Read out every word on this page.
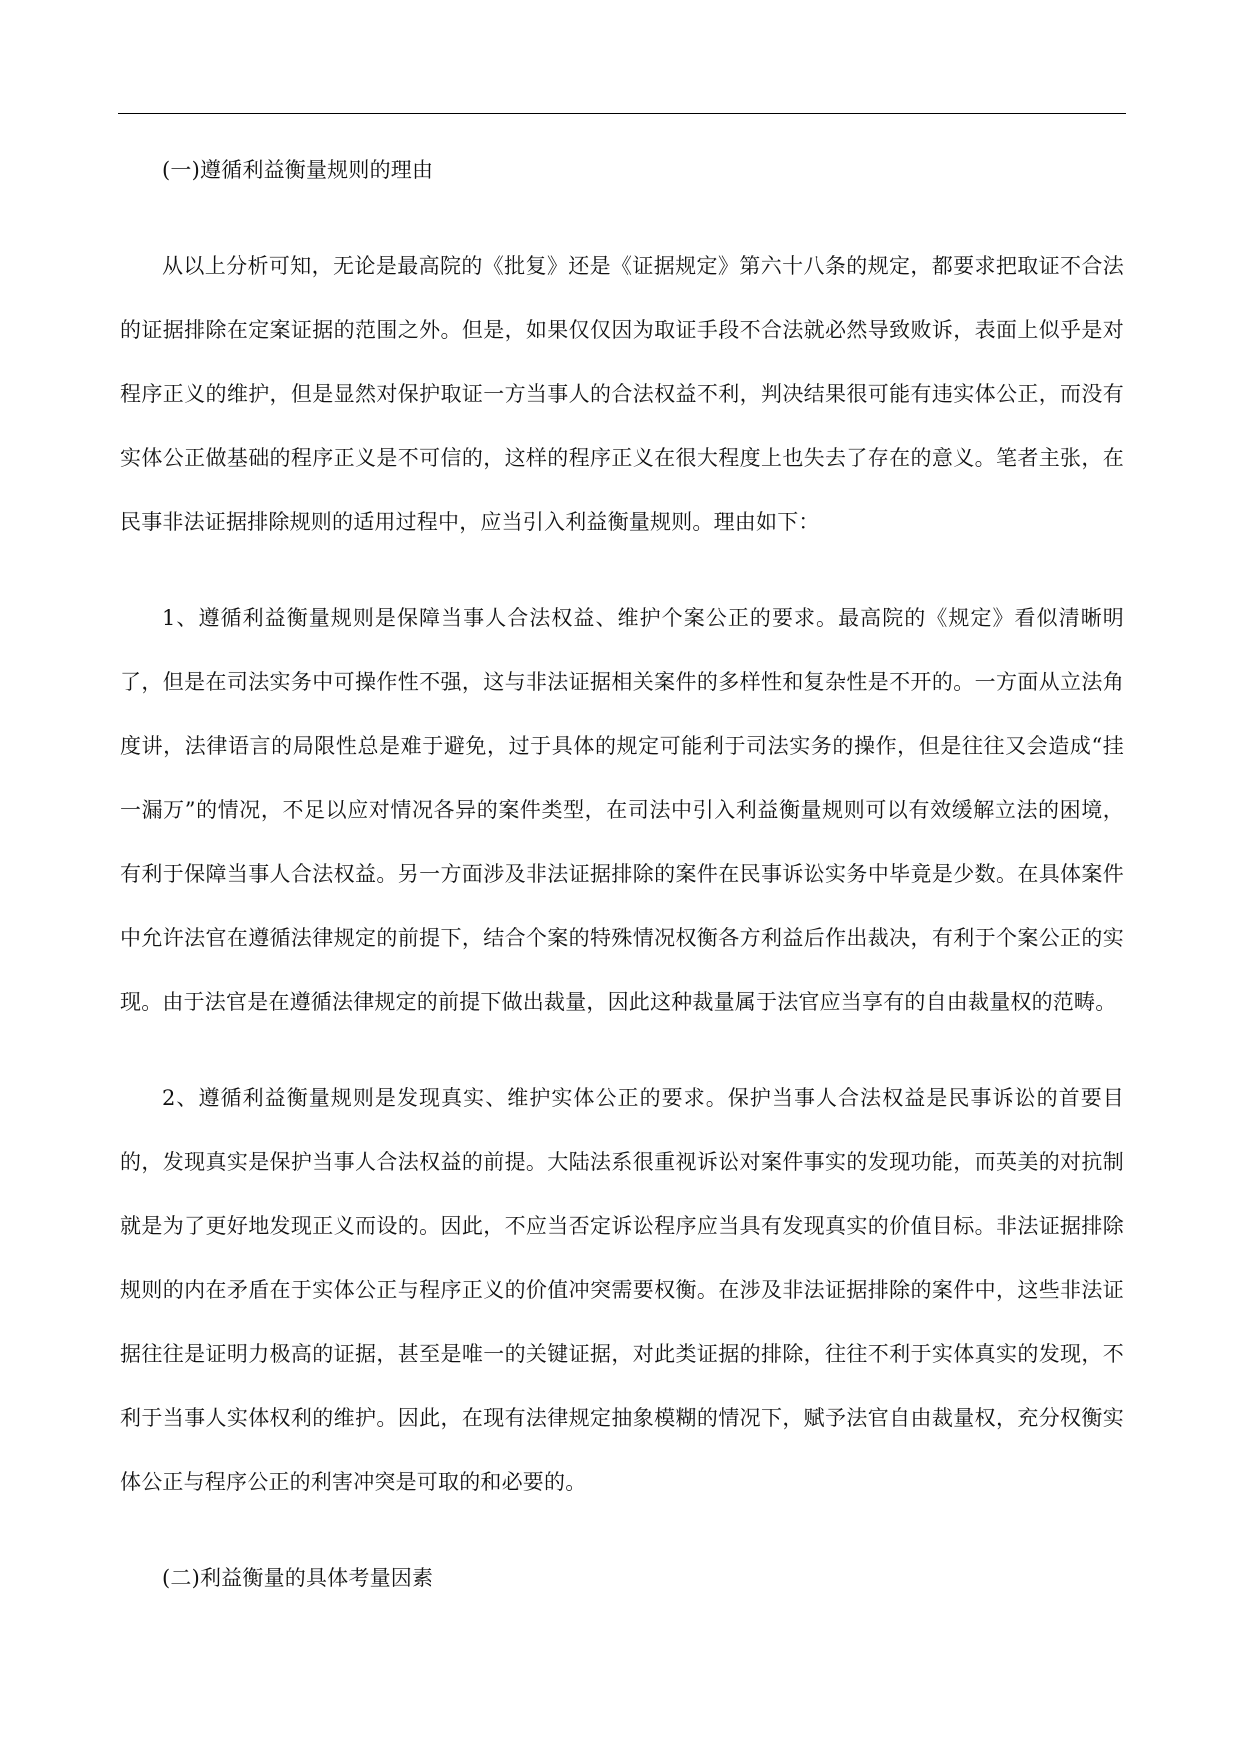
(一)遵循利益衡量规则的理由

从以上分析可知，无论是最高院的《批复》还是《证据规定》第六十八条的规定，都要求把取证不合法的证据排除在定案证据的范围之外。但是，如果仅仅因为取证手段不合法就必然导致败诉，表面上似乎是对程序正义的维护，但是显然对保护取证一方当事人的合法权益不利，判决结果很可能有违实体公正，而没有实体公正做基础的程序正义是不可信的，这样的程序正义在很大程度上也失去了存在的意义。笔者主张，在民事非法证据排除规则的适用过程中，应当引入利益衡量规则。理由如下：

1、遵循利益衡量规则是保障当事人合法权益、维护个案公正的要求。最高院的《规定》看似清晰明了，但是在司法实务中可操作性不强，这与非法证据相关案件的多样性和复杂性是不开的。一方面从立法角度讲，法律语言的局限性总是难于避免，过于具体的规定可能利于司法实务的操作，但是往往又会造成“挂一漏万”的情况，不足以应对情况各异的案件类型，在司法中引入利益衡量规则可以有效缓解立法的困境，有利于保障当事人合法权益。另一方面涉及非法证据排除的案件在民事诉讼实务中毕竟是少数。在具体案件中允许法官在遵循法律规定的前提下，结合个案的特殊情况权衡各方利益后作出裁决，有利于个案公正的实现。由于法官是在遵循法律规定的前提下做出裁量，因此这种裁量属于法官应当享有的自由裁量权的范畴。

2、遵循利益衡量规则是发现真实、维护实体公正的要求。保护当事人合法权益是民事诉讼的首要目的，发现真实是保护当事人合法权益的前提。大陆法系很重视诉讼对案件事实的发现功能，而英美的对抗制就是为了更好地发现正义而设的。因此，不应当否定诉讼程序应当具有发现真实的价值目标。非法证据排除规则的内在矛盾在于实体公正与程序正义的价值冲突需要权衡。在涉及非法证据排除的案件中，这些非法证据往往是证明力极高的证据，甚至是唯一的关键证据，对此类证据的排除，往往不利于实体真实的发现，不利于当事人实体权利的维护。因此，在现有法律规定抽象模糊的情况下，赋予法官自由裁量权，充分权衡实体公正与程序公正的利害冲突是可取的和必要的。

(二)利益衡量的具体考量因素
